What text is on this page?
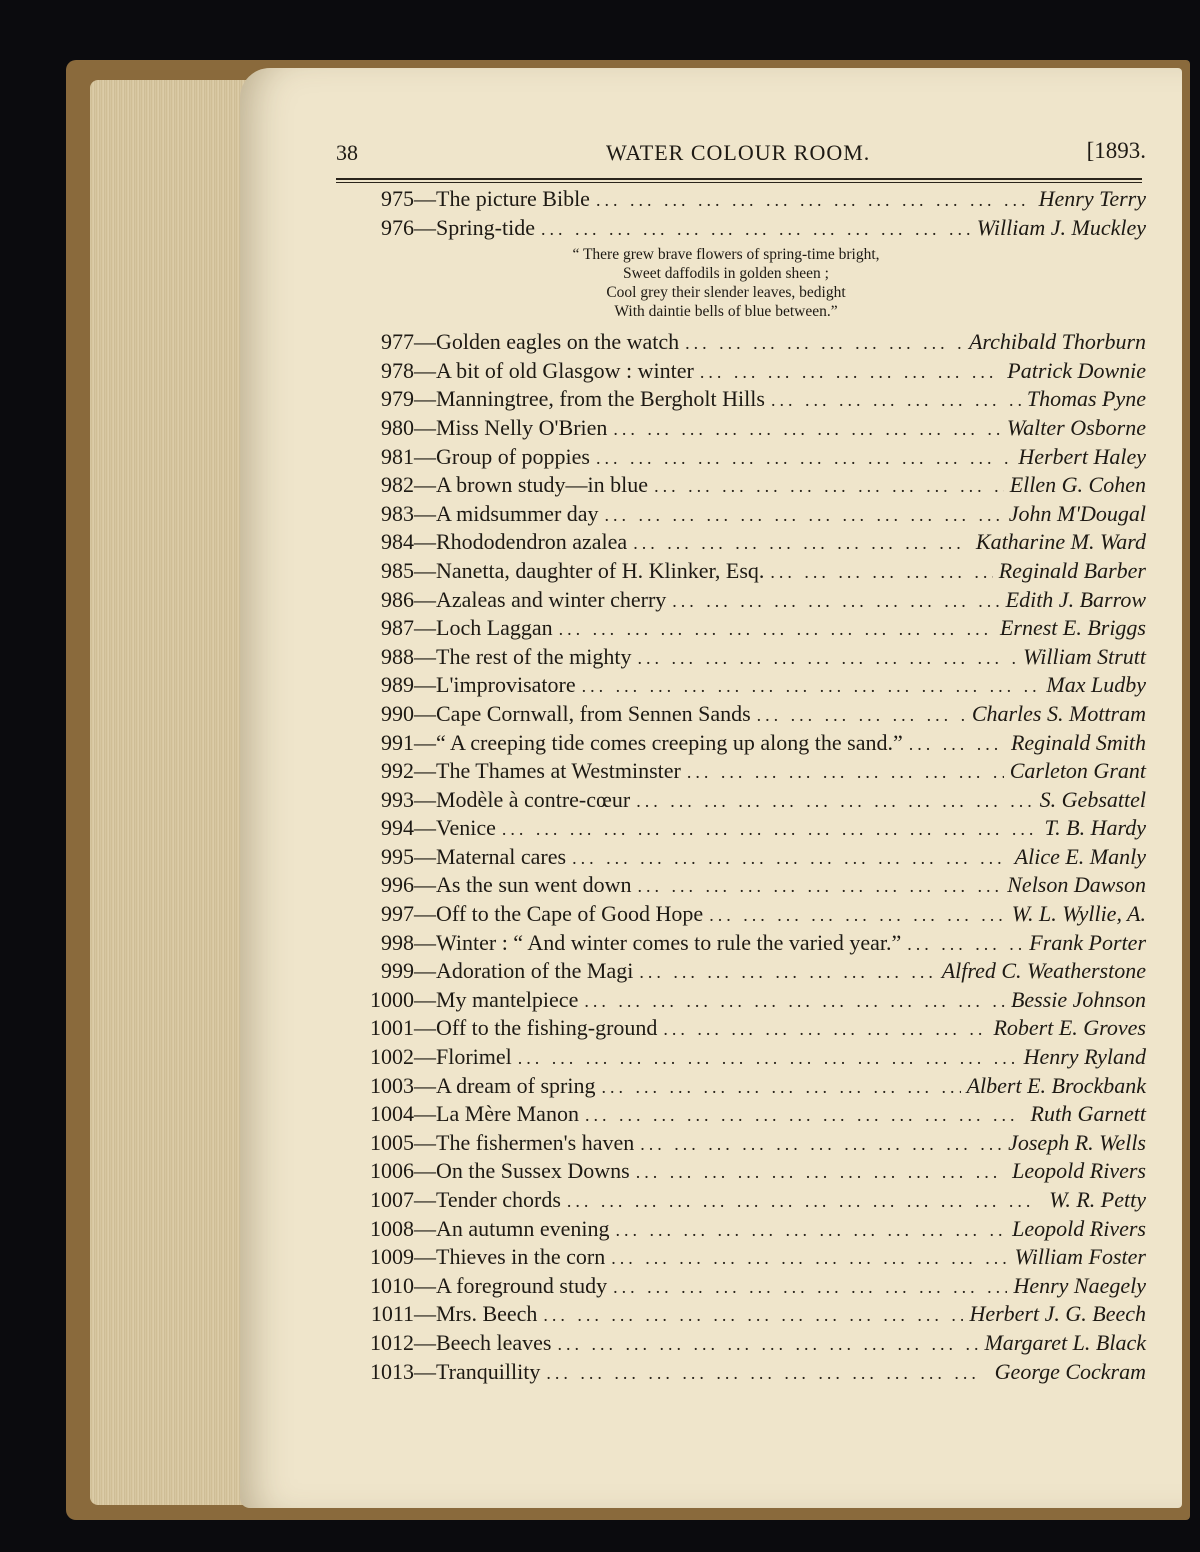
38	WATER COLOUR ROOM.	[1893.
975 — The picture Bible ... .	Henry Terry
976 — Spring-tide ... .	William J. Muckley
“ There grew brave flowers of spring-time bright,
Sweet daffodils in golden sheen ;
Cool grey their slender leaves, bedight
With daintie bells of blue between.”
977 — Golden eagles on the watch ... .	Archibald Thorburn
978 — A bit of old Glasgow : winter ... .	Patrick Downie
979 — Manningtree, from the Bergholt Hills ... .	Thomas Pyne
980 — Miss Nelly O'Brien ... .	Walter Osborne
981 — Group of poppies ... .	Herbert Haley
982 — A brown study—in blue ... .	Ellen G. Cohen
983 — A midsummer day ... .	John M'Dougal
984 — Rhododendron azalea ... .	Katharine M. Ward
985 — Nanetta, daughter of H. Klinker, Esq. ... .	Reginald Barber
986 — Azaleas and winter cherry ... .	Edith J. Barrow
987 — Loch Laggan ... .	Ernest E. Briggs
988 — The rest of the mighty ... .	William Strutt
989 — L'improvisatore ... .	Max Ludby
990 — Cape Cornwall, from Sennen Sands ... .	Charles S. Mottram
991 — “ A creeping tide comes creeping up along the sand.” ... .	Reginald Smith
992 — The Thames at Westminster ... .	Carleton Grant
993 — Modèle à contre-cœur ... .	S. Gebsattel
994 — Venice ... .	T. B. Hardy
995 — Maternal cares ... .	Alice E. Manly
996 — As the sun went down ... .	Nelson Dawson
997 — Off to the Cape of Good Hope ... .	W. L. Wyllie, A.
998 — Winter : “ And winter comes to rule the varied year.” ... .	Frank Porter
999 — Adoration of the Magi ... .	Alfred C. Weatherstone
1000 — My mantelpiece ... .	Bessie Johnson
1001 — Off to the fishing-ground ... .	Robert E. Groves
1002 — Florimel ... .	Henry Ryland
1003 — A dream of spring ... .	Albert E. Brockbank
1004 — La Mère Manon ... .	Ruth Garnett
1005 — The fishermen's haven ... .	Joseph R. Wells
1006 — On the Sussex Downs ... .	Leopold Rivers
1007 — Tender chords ... .	W. R. Petty
1008 — An autumn evening ... .	Leopold Rivers
1009 — Thieves in the corn ... .	William Foster
1010 — A foreground study ... .	Henry Naegely
1011 — Mrs. Beech ... .	Herbert J. G. Beech
1012 — Beech leaves ... .	Margaret L. Black
1013 — Tranquillity ... .	George Cockram
